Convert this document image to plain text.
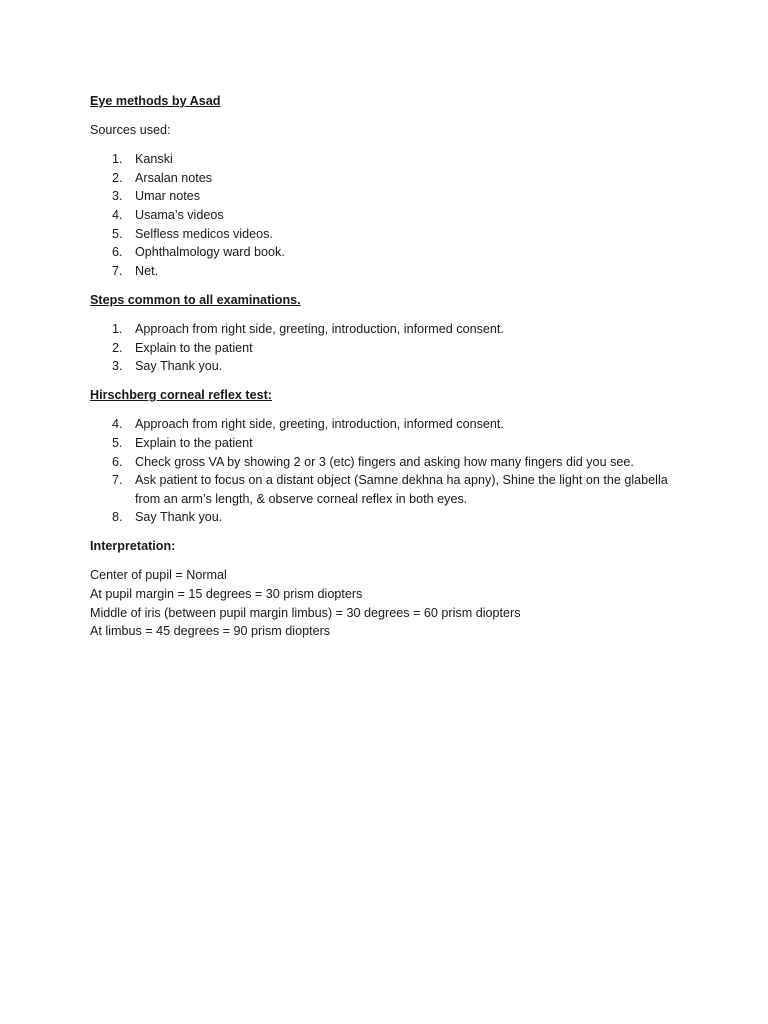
Eye methods by Asad

Sources used:

1. Kanski
2. Arsalan notes
3. Umar notes
4. Usama’s videos
5. Selfless medicos videos.
6. Ophthalmology ward book.
7. Net.

Steps common to all examinations.

1. Approach from right side, greeting, introduction, informed consent.
2. Explain to the patient
3. Say Thank you.

Hirschberg corneal reflex test:

4. Approach from right side, greeting, introduction, informed consent.
5. Explain to the patient
6. Check gross VA by showing 2 or 3 (etc) fingers and asking how many fingers did you see.
7. Ask patient to focus on a distant object (Samne dekhna ha apny), Shine the light on the glabella
from an arm’s length, & observe corneal reflex in both eyes.
8. Say Thank you.

Interpretation:

Center of pupil = Normal

At pupil margin = 15 degrees = 30 prism diopters

Middle of iris (between pupil margin limbus) = 30 degrees = 60 prism diopters

At limbus = 45 degrees = 90 prism diopters
